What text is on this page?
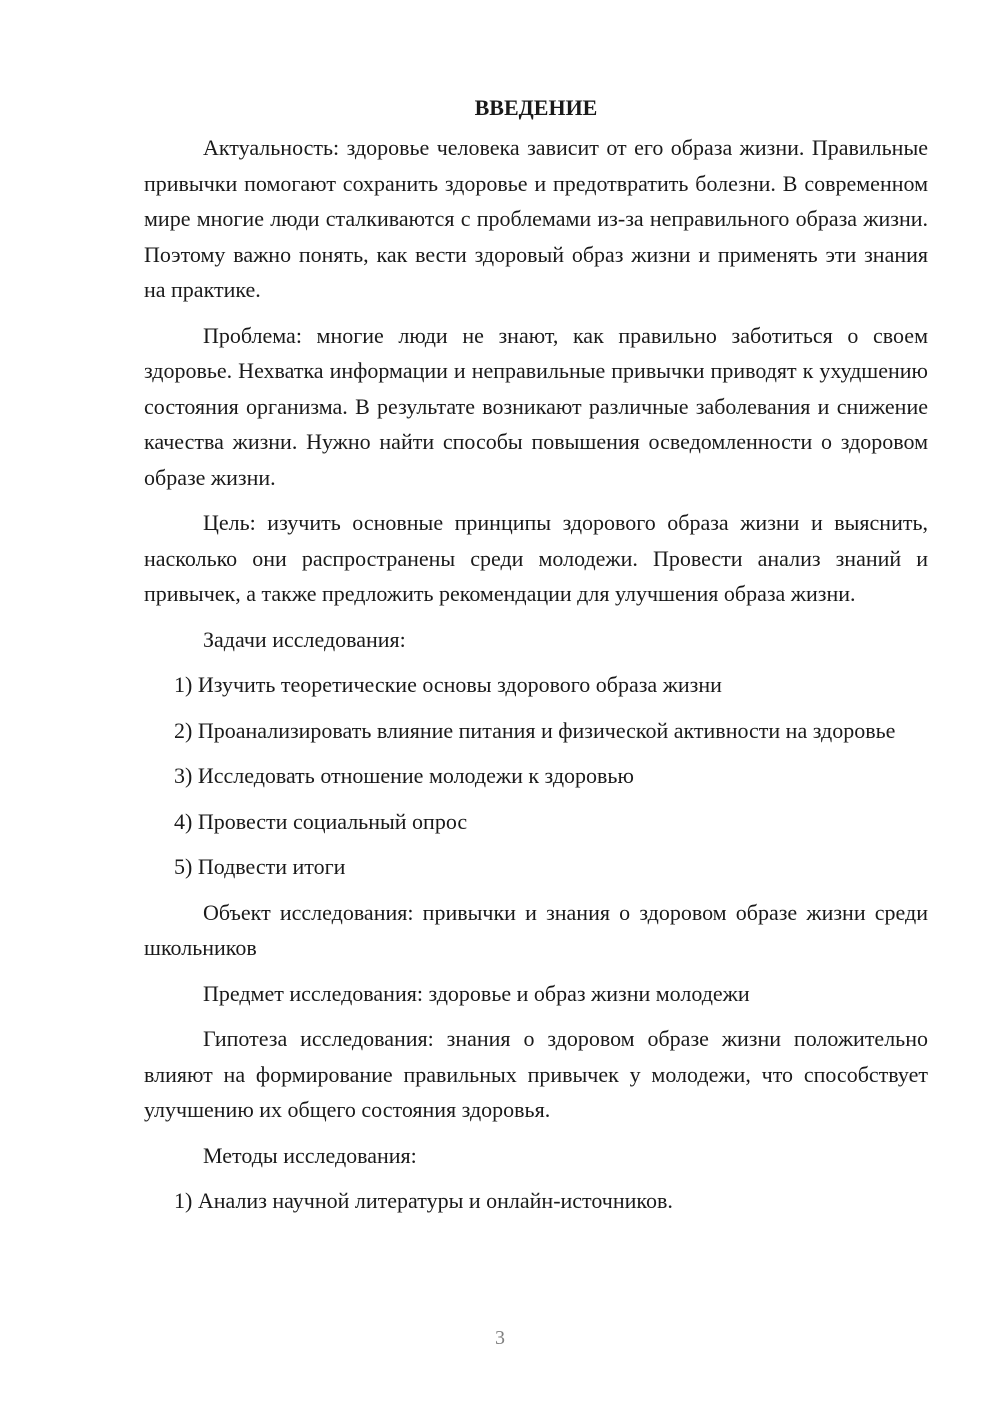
ВВЕДЕНИЕ

Актуальность: здоровье человека зависит от его образа жизни. Правильные привычки помогают сохранить здоровье и предотвратить болезни. В современном мире многие люди сталкиваются с проблемами из-за неправильного образа жизни. Поэтому важно понять, как вести здоровый образ жизни и применять эти знания на практике.

Проблема: многие люди не знают, как правильно заботиться о своем здоровье. Нехватка информации и неправильные привычки приводят к ухудшению состояния организма. В результате возникают различные заболевания и снижение качества жизни. Нужно найти способы повышения осведомленности о здоровом образе жизни.

Цель: изучить основные принципы здорового образа жизни и выяснить, насколько они распространены среди молодежи. Провести анализ знаний и привычек, а также предложить рекомендации для улучшения образа жизни.

Задачи исследования:

1) Изучить теоретические основы здорового образа жизни

2) Проанализировать влияние питания и физической активности на здоровье

3) Исследовать отношение молодежи к здоровью

4) Провести социальный опрос

5) Подвести итоги

Объект исследования: привычки и знания о здоровом образе жизни среди школьников

Предмет исследования: здоровье и образ жизни молодежи

Гипотеза исследования: знания о здоровом образе жизни положительно влияют на формирование правильных привычек у молодежи, что способствует улучшению их общего состояния здоровья.

Методы исследования:

1) Анализ научной литературы и онлайн-источников.

3
